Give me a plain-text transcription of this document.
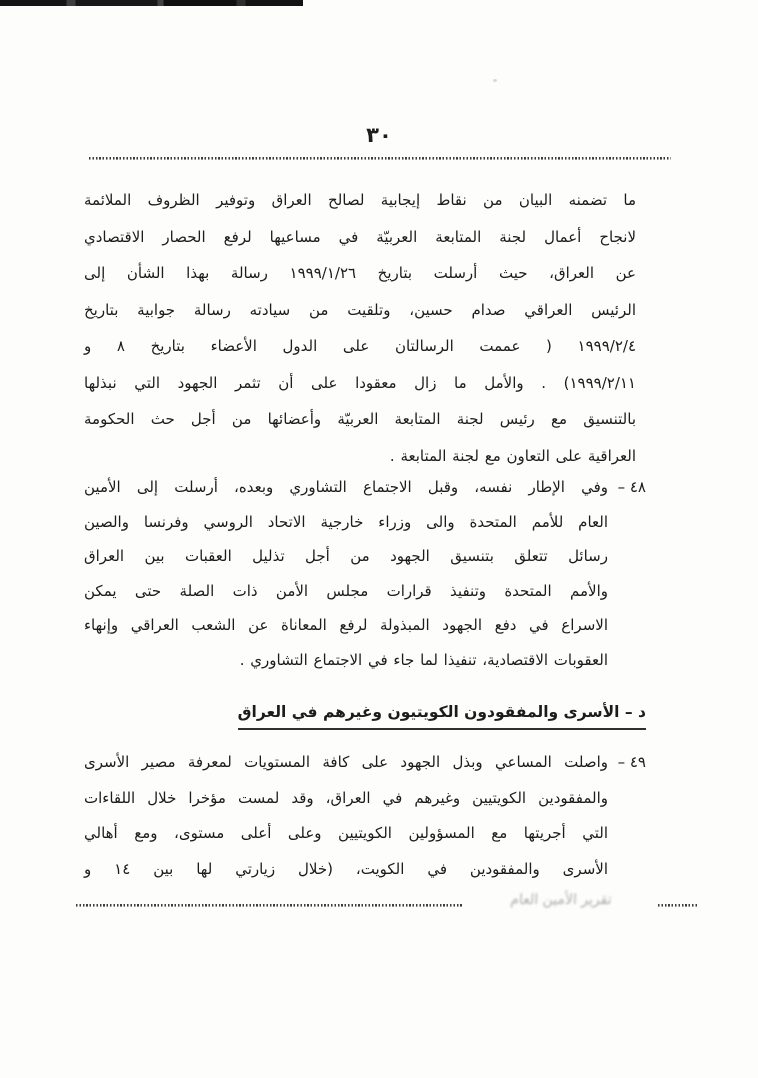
٣٠
ما تضمنه البيان من نقاط إيجابية لصالح العراق وتوفير الظروف الملائمة
لانجاح أعمال لجنة المتابعة العربيّة في مساعيها لرفع الحصار الاقتصادي
عن العراق، حيث أرسلت بتاريخ ١٩٩٩/١/٢٦ رسالة بهذا الشأن إلى
الرئيس العراقي صدام حسين، وتلقيت من سيادته رسالة جوابية بتاريخ
١٩٩٩/٢/٤ ( عممت الرسالتان على الدول الأعضاء بتاريخ ٨ و
١٩٩٩/٢/١١) . والأمل ما زال معقودا على أن تثمر الجهود التي نبذلها
بالتنسيق مع رئيس لجنة المتابعة العربيّة وأعضائها من أجل حث الحكومة
العراقية على التعاون مع لجنة المتابعة .
٤٨ –
وفي الإطار نفسه، وقبل الاجتماع التشاوري وبعده، أرسلت إلى الأمين
العام للأمم المتحدة والى وزراء خارجية الاتحاد الروسي وفرنسا والصين
رسائل تتعلق بتنسيق الجهود من أجل تذليل العقبات بين العراق
والأمم المتحدة وتنفيذ قرارات مجلس الأمن ذات الصلة حتى يمكن
الاسراع في دفع الجهود المبذولة لرفع المعاناة عن الشعب العراقي وإنهاء
العقوبات الاقتصادية، تنفيذا لما جاء في الاجتماع التشاوري .
د – الأسرى والمفقودون الكويتيون وغيرهم في العراق
٤٩ –
واصلت المساعي وبذل الجهود على كافة المستويات لمعرفة مصير الأسرى
والمفقودين الكويتيين وغيرهم في العراق، وقد لمست مؤخرا خلال اللقاءات
التي أجريتها مع المسؤولين الكويتيين وعلى أعلى مستوى، ومع أهالي
الأسرى والمفقودين في الكويت، (خلال زيارتي لها بين ١٤ و
تقرير الأمين العام
